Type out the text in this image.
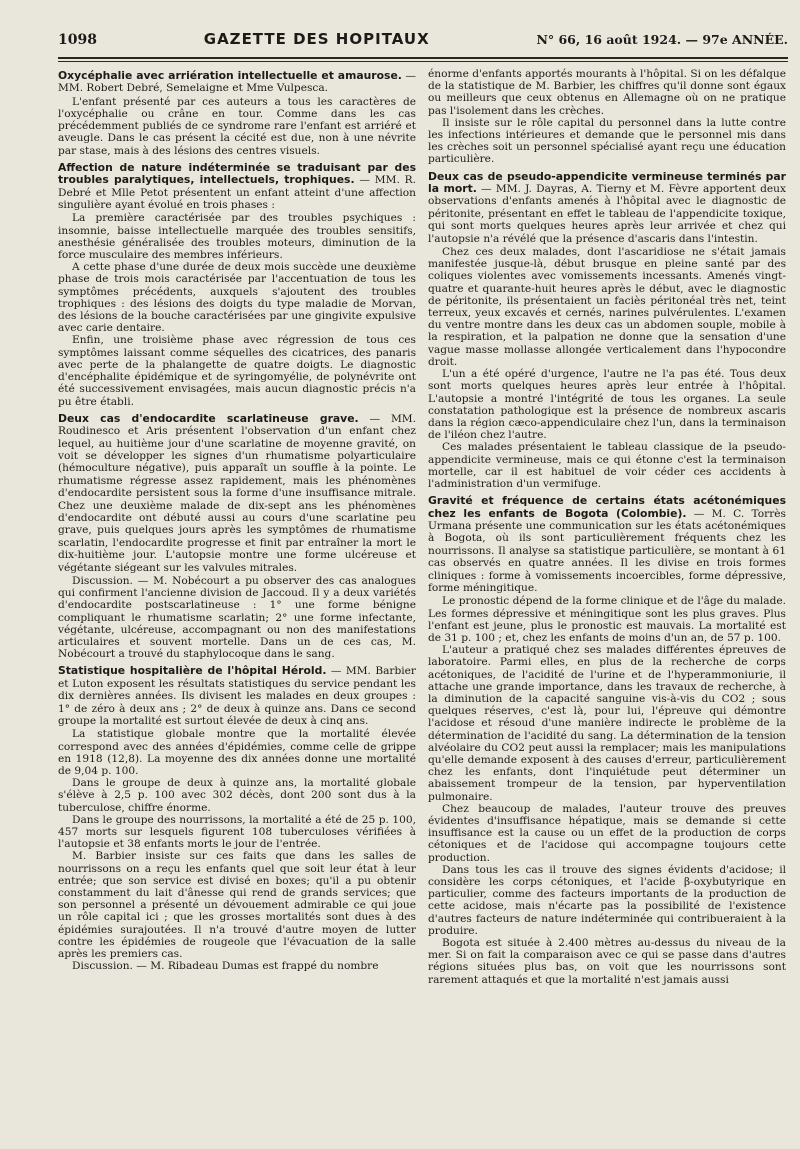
1098	GAZETTE DES HOPITAUX	N° 66, 16 août 1924. — 97e ANNÉE.
Oxycéphalie avec arriération intellectuelle et amaurose. — MM. Robert Debré, Semelaigne et Mme Vulpesca.

L'enfant présenté par ces auteurs a tous les caractères de l'oxycéphalie ou crâne en tour. Comme dans les cas précédemment publiés de ce syndrome rare l'enfant est arriéré et aveugle. Dans le cas présent la cécité est due, non à une névrite par stase, mais à des lésions des centres visuels.

Affection de nature indéterminée se traduisant par des troubles paralytiques, intellectuels, trophiques. — MM. R. Debré et Mlle Petot présentent un enfant atteint d'une affection singulière ayant évolué en trois phases :

La première caractérisée par des troubles psychiques : insomnie, baisse intellectuelle marquée des troubles sensitifs, anesthésie généralisée des troubles moteurs, diminution de la force musculaire des membres inférieurs.

A cette phase d'une durée de deux mois succède une deuxième phase de trois mois caractérisée par l'accentuation de tous les symptômes précédents, auxquels s'ajoutent des troubles trophiques : des lésions des doigts du type maladie de Morvan, des lésions de la bouche caractérisées par une gingivite expulsive avec carie dentaire.

Enfin, une troisième phase avec régression de tous ces symptômes laissant comme séquelles des cicatrices, des panaris avec perte de la phalangette de quatre doigts. Le diagnostic d'encéphalite épidémique et de syringomyélie, de polynévrite ont été successivement envisagées, mais aucun diagnostic précis n'a pu être établi.

Deux cas d'endocardite scarlatineuse grave. — MM. Roudinesco et Aris présentent l'observation d'un enfant chez lequel, au huitième jour d'une scarlatine de moyenne gravité, on voit se développer les signes d'un rhumatisme polyarticulaire (hémoculture négative), puis apparaît un souffle à la pointe. Le rhumatisme régresse assez rapidement, mais les phénomènes d'endocardite persistent sous la forme d'une insuffisance mitrale. Chez une deuxième malade de dix-sept ans les phénomènes d'endocardite ont débuté aussi au cours d'une scarlatine peu grave, puis quelques jours après les symptômes de rhumatisme scarlatin, l'endocardite progresse et finit par entraîner la mort le dix-huitième jour. L'autopsie montre une forme ulcéreuse et végétante siégeant sur les valvules mitrales.

Discussion. — M. Nobécourt a pu observer des cas analogues qui confirment l'ancienne division de Jaccoud. Il y a deux variétés d'endocardite postscarlatineuse : 1° une forme bénigne compliquant le rhumatisme scarlatin; 2° une forme infectante, végétante, ulcéreuse, accompagnant ou non des manifestations articulaires et souvent mortelle. Dans un de ces cas, M. Nobécourt a trouvé du staphylocoque dans le sang.

Statistique hospitalière de l'hôpital Hérold. — MM. Barbier et Luton exposent les résultats statistiques du service pendant les dix dernières années. Ils divisent les malades en deux groupes : 1° de zéro à deux ans ; 2° de deux à quinze ans. Dans ce second groupe la mortalité est surtout élevée de deux à cinq ans.

La statistique globale montre que la mortalité élevée correspond avec des années d'épidémies, comme celle de grippe en 1918 (12,8). La moyenne des dix années donne une mortalité de 9,04 p. 100.

Dans le groupe de deux à quinze ans, la mortalité globale s'élève à 2,5 p. 100 avec 302 décès, dont 200 sont dus à la tuberculose, chiffre énorme.

Dans le groupe des nourrissons, la mortalité a été de 25 p. 100, 457 morts sur lesquels figurent 108 tuberculoses vérifiées à l'autopsie et 38 enfants morts le jour de l'entrée.

M. Barbier insiste sur ces faits que dans les salles de nourrissons on a reçu les enfants quel que soit leur état à leur entrée; que son service est divisé en boxes; qu'il a pu obtenir constamment du lait d'ânesse qui rend de grands services; que son personnel a présenté un dévouement admirable ce qui joue un rôle capital ici ; que les grosses mortalités sont dues à des épidémies surajoutées. Il n'a trouvé d'autre moyen de lutter contre les épidémies de rougeole que l'évacuation de la salle après les premiers cas.

Discussion. — M. Ribadeau Dumas est frappé du nombre

énorme d'enfants apportés mourants à l'hôpital. Si on les défalque de la statistique de M. Barbier, les chiffres qu'il donne sont égaux ou meilleurs que ceux obtenus en Allemagne où on ne pratique pas l'isolement dans les crèches.

Il insiste sur le rôle capital du personnel dans la lutte contre les infections intérieures et demande que le personnel mis dans les crèches soit un personnel spécialisé ayant reçu une éducation particulière.

Deux cas de pseudo-appendicite vermineuse terminés par la mort. — MM. J. Dayras, A. Tierny et M. Fèvre apportent deux observations d'enfants amenés à l'hôpital avec le diagnostic de péritonite, présentant en effet le tableau de l'appendicite toxique, qui sont morts quelques heures après leur arrivée et chez qui l'autopsie n'a révélé que la présence d'ascaris dans l'intestin.

Chez ces deux malades, dont l'ascaridiose ne s'était jamais manifestée jusque-là, début brusque en pleine santé par des coliques violentes avec vomissements incessants. Amenés vingt-quatre et quarante-huit heures après le début, avec le diagnostic de péritonite, ils présentaient un faciès péritonéal très net, teint terreux, yeux excavés et cernés, narines pulvérulentes. L'examen du ventre montre dans les deux cas un abdomen souple, mobile à la respiration, et la palpation ne donne que la sensation d'une vague masse mollasse allongée verticalement dans l'hypocondre droit.

L'un a été opéré d'urgence, l'autre ne l'a pas été. Tous deux sont morts quelques heures après leur entrée à l'hôpital. L'autopsie a montré l'intégrité de tous les organes. La seule constatation pathologique est la présence de nombreux ascaris dans la région cæco-appendiculaire chez l'un, dans la terminaison de l'iléon chez l'autre.

Ces malades présentaient le tableau classique de la pseudo-appendicite vermineuse, mais ce qui étonne c'est la terminaison mortelle, car il est habituel de voir céder ces accidents à l'administration d'un vermifuge.

Gravité et fréquence de certains états acétonémiques chez les enfants de Bogota (Colombie). — M. C. Torrès Urmana présente une communication sur les états acétonémiques à Bogota, où ils sont particulièrement fréquents chez les nourrissons. Il analyse sa statistique particulière, se montant à 61 cas observés en quatre années. Il les divise en trois formes cliniques : forme à vomissements incoercibles, forme dépressive, forme méningitique.

Le pronostic dépend de la forme clinique et de l'âge du malade. Les formes dépressive et méningitique sont les plus graves. Plus l'enfant est jeune, plus le pronostic est mauvais. La mortalité est de 31 p. 100 ; et, chez les enfants de moins d'un an, de 57 p. 100.

L'auteur a pratiqué chez ses malades différentes épreuves de laboratoire. Parmi elles, en plus de la recherche de corps acétoniques, de l'acidité de l'urine et de l'hyperammoniurie, il attache une grande importance, dans les travaux de recherche, à la diminution de la capacité sanguine vis-à-vis du CO2 ; sous quelques réserves, c'est là, pour lui, l'épreuve qui démontre l'acidose et résoud d'une manière indirecte le problème de la détermination de l'acidité du sang. La détermination de la tension alvéolaire du CO2 peut aussi la remplacer; mais les manipulations qu'elle demande exposent à des causes d'erreur, particulièrement chez les enfants, dont l'inquiétude peut déterminer un abaissement trompeur de la tension, par hyperventilation pulmonaire.

Chez beaucoup de malades, l'auteur trouve des preuves évidentes d'insuffisance hépatique, mais se demande si cette insuffisance est la cause ou un effet de la production de corps cétoniques et de l'acidose qui accompagne toujours cette production.

Dans tous les cas il trouve des signes évidents d'acidose; il considère les corps cétoniques, et l'acide β-oxybutyrique en particulier, comme des facteurs importants de la production de cette acidose, mais n'écarte pas la possibilité de l'existence d'autres facteurs de nature indéterminée qui contribueraient à la produire.

Bogota est située à 2.400 mètres au-dessus du niveau de la mer. Si on fait la comparaison avec ce qui se passe dans d'autres régions situées plus bas, on voit que les nourrissons sont rarement attaqués et que la mortalité n'est jamais aussi
